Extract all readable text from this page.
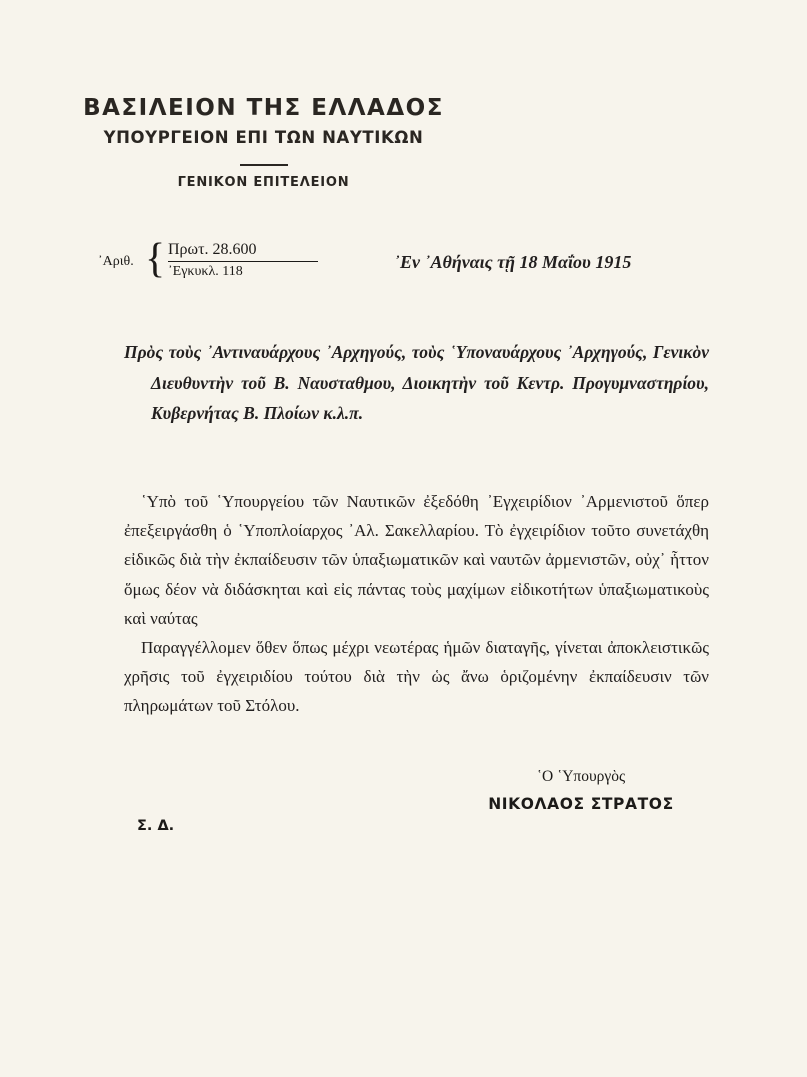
ΒΑΣΙΛΕΙΟΝ ΤΗΣ ΕΛΛΑΔΟΣ
ΥΠΟΥΡΓΕΙΟΝ ΕΠΙ ΤΩΝ ΝΑΥΤΙΚΩΝ
ΓΕΝΙΚΟΝ ΕΠΙΤΕΛΕΙΟΝ
᾿Αριθ. { Πρωτ. 28.600
᾿Εγκυκλ. 118	᾿Εν ᾿Αθήναις τῇ 18 Μαΐου 1915
Πρὸς τοὺς ᾿Αντιναυάρχους ᾿Αρχηγούς, τοὺς ῾Υποναυάρχους ᾿Αρχηγούς, Γενικὸν Διευθυντὴν τοῦ Β. Ναυσταθμου, Διοικητὴν τοῦ Κεντρ. Προγυμναστηρίου, Κυβερνήτας Β. Πλοίων κ.λ.π.

῾Υπὸ τοῦ ῾Υπουργείου τῶν Ναυτικῶν ἐξεδόθη ᾿Εγχειρίδιον ᾿Αρμενιστοῦ ὅπερ ἐπεξειργάσθη ὁ ῾Υποπλοίαρχος ᾿Αλ. Σακελλαρίου. Τὸ ἐγχειρίδιον τοῦτο συνετάχθη εἰδικῶς διὰ τὴν ἐκπαίδευσιν τῶν ὑπαξιωματικῶν καὶ ναυτῶν ἀρμενιστῶν, οὐχ᾿ ἧττον ὅμως δέον νὰ διδάσκηται καὶ εἰς πάντας τοὺς μαχίμων εἰδικοτήτων ὑπαξιωματικοὺς καὶ ναύτας

Παραγγέλλομεν ὅθεν ὅπως μέχρι νεωτέρας ἡμῶν διαταγῆς, γίνεται ἀποκλειστικῶς χρῆσις τοῦ ἐγχειριδίου τούτου διὰ τὴν ὡς ἄνω ὁριζομένην ἐκπαίδευσιν τῶν πληρωμάτων τοῦ Στόλου.

῾Ο ῾Υπουργὸς
ΝΙΚΟΛΑΟΣ ΣΤΡΑΤΟΣ
Σ. Δ.
